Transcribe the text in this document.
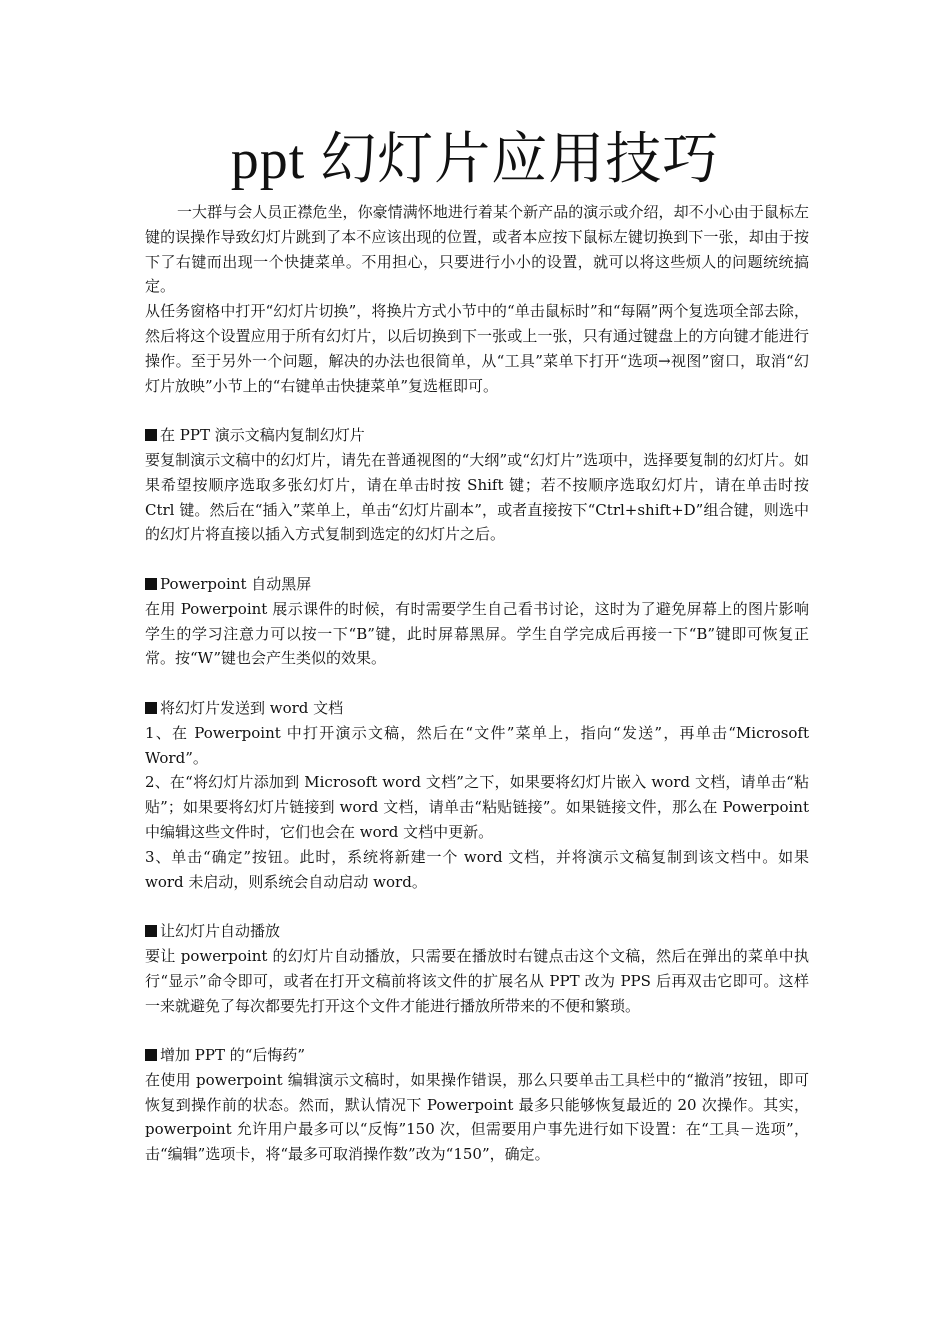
ppt 幻灯片应用技巧

一大群与会人员正襟危坐，你豪情满怀地进行着某个新产品的演示或介绍，却不小心由于鼠标左键的误操作导致幻灯片跳到了本不应该出现的位置，或者本应按下鼠标左键切换到下一张，却由于按下了右键而出现一个快捷菜单。不用担心，只要进行小小的设置，就可以将这些烦人的问题统统搞定。

从任务窗格中打开“幻灯片切换”，将换片方式小节中的“单击鼠标时”和“每隔”两个复选项全部去除，然后将这个设置应用于所有幻灯片，以后切换到下一张或上一张，只有通过键盘上的方向键才能进行操作。至于另外一个问题，解决的办法也很简单，从“工具”菜单下打开“选项→视图”窗口，取消“幻灯片放映”小节上的“右键单击快捷菜单”复选框即可。

在 PPT 演示文稿内复制幻灯片

要复制演示文稿中的幻灯片，请先在普通视图的“大纲”或“幻灯片”选项中，选择要复制的幻灯片。如果希望按顺序选取多张幻灯片，请在单击时按 Shift 键；若不按顺序选取幻灯片，请在单击时按 Ctrl 键。然后在“插入”菜单上，单击“幻灯片副本”，或者直接按下“Ctrl+shift+D”组合键，则选中的幻灯片将直接以插入方式复制到选定的幻灯片之后。

Powerpoint 自动黑屏

在用 Powerpoint 展示课件的时候，有时需要学生自己看书讨论，这时为了避免屏幕上的图片影响学生的学习注意力可以按一下“B”键，此时屏幕黑屏。学生自学完成后再接一下“B”键即可恢复正常。按“W”键也会产生类似的效果。

将幻灯片发送到 word 文档

1、在 Powerpoint 中打开演示文稿，然后在“文件”菜单上，指向“发送”，再单击“Microsoft Word”。

2、在“将幻灯片添加到 Microsoft word 文档”之下，如果要将幻灯片嵌入 word 文档，请单击“粘贴”；如果要将幻灯片链接到 word 文档，请单击“粘贴链接”。如果链接文件，那么在 Powerpoint 中编辑这些文件时，它们也会在 word 文档中更新。

3、单击“确定”按钮。此时，系统将新建一个 word 文档，并将演示文稿复制到该文档中。如果 word 未启动，则系统会自动启动 word。

让幻灯片自动播放

要让 powerpoint 的幻灯片自动播放，只需要在播放时右键点击这个文稿，然后在弹出的菜单中执行“显示”命令即可，或者在打开文稿前将该文件的扩展名从 PPT 改为 PPS 后再双击它即可。这样一来就避免了每次都要先打开这个文件才能进行播放所带来的不便和繁琐。

增加 PPT 的“后悔药”

在使用 powerpoint 编辑演示文稿时，如果操作错误，那么只要单击工具栏中的“撤消”按钮，即可恢复到操作前的状态。然而，默认情况下 Powerpoint 最多只能够恢复最近的 20 次操作。其实，powerpoint 允许用户最多可以“反悔”150 次，但需要用户事先进行如下设置：在“工具－选项”，击“编辑”选项卡，将“最多可取消操作数”改为“150”，确定。
